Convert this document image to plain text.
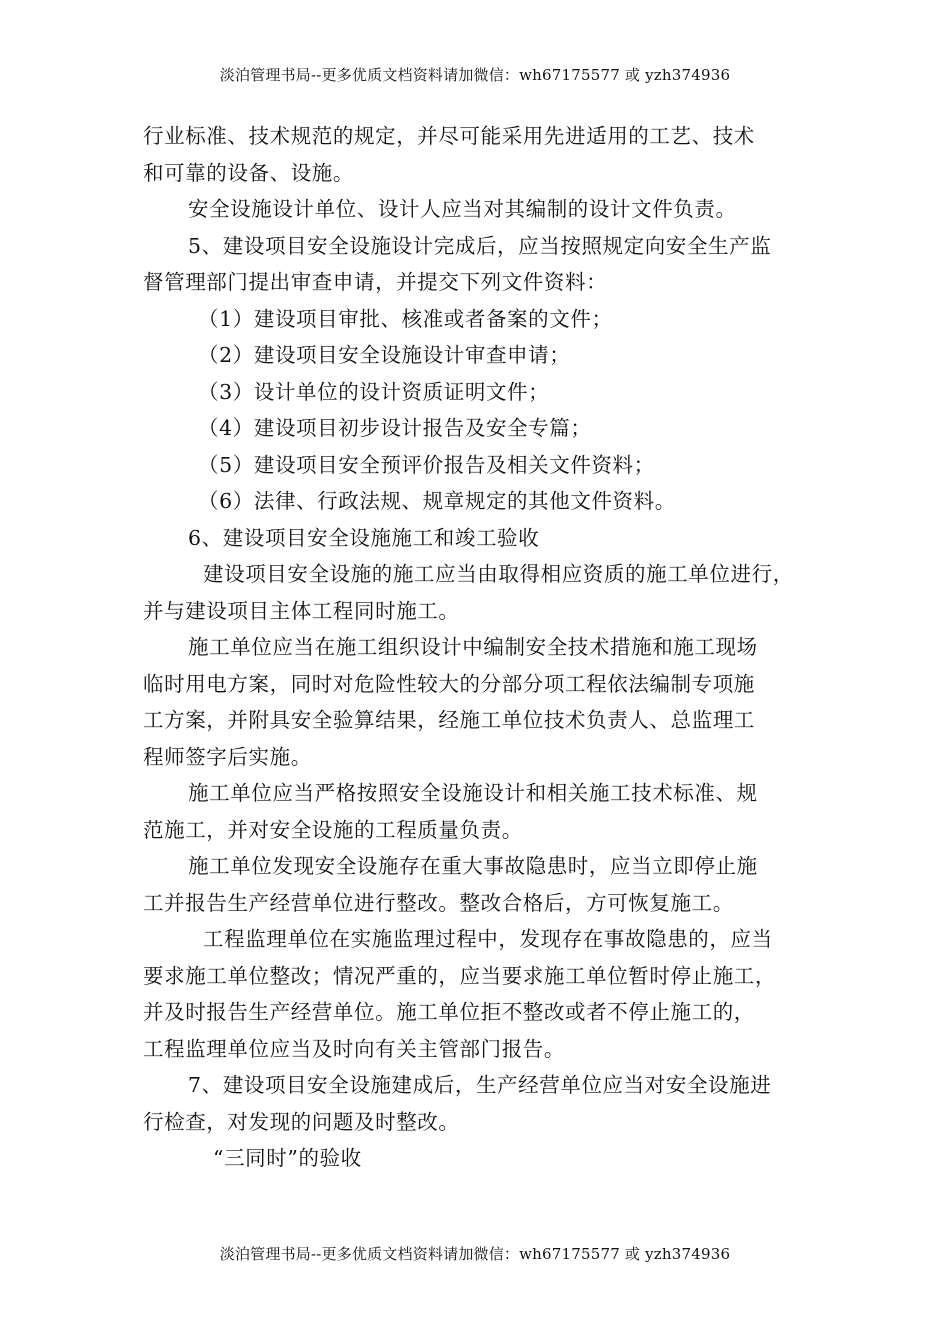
淡泊管理书局--更多优质文档资料请加微信：wh67175577 或 yzh374936
行业标准、技术规范的规定，并尽可能采用先进适用的工艺、技术
和可靠的设备、设施。
安全设施设计单位、设计人应当对其编制的设计文件负责。
5、建设项目安全设施设计完成后，应当按照规定向安全生产监
督管理部门提出审查申请，并提交下列文件资料：
（1）建设项目审批、核准或者备案的文件；
（2）建设项目安全设施设计审查申请；
（3）设计单位的设计资质证明文件；
（4）建设项目初步设计报告及安全专篇；
（5）建设项目安全预评价报告及相关文件资料；
（6）法律、行政法规、规章规定的其他文件资料。
6、建设项目安全设施施工和竣工验收
建设项目安全设施的施工应当由取得相应资质的施工单位进行，
并与建设项目主体工程同时施工。
施工单位应当在施工组织设计中编制安全技术措施和施工现场
临时用电方案，同时对危险性较大的分部分项工程依法编制专项施
工方案，并附具安全验算结果，经施工单位技术负责人、总监理工
程师签字后实施。
施工单位应当严格按照安全设施设计和相关施工技术标准、规
范施工，并对安全设施的工程质量负责。
施工单位发现安全设施存在重大事故隐患时，应当立即停止施
工并报告生产经营单位进行整改。整改合格后，方可恢复施工。
工程监理单位在实施监理过程中，发现存在事故隐患的，应当
要求施工单位整改；情况严重的，应当要求施工单位暂时停止施工，
并及时报告生产经营单位。施工单位拒不整改或者不停止施工的，
工程监理单位应当及时向有关主管部门报告。
7、建设项目安全设施建成后，生产经营单位应当对安全设施进
行检查，对发现的问题及时整改。
“三同时”的验收
淡泊管理书局--更多优质文档资料请加微信：wh67175577 或 yzh374936
